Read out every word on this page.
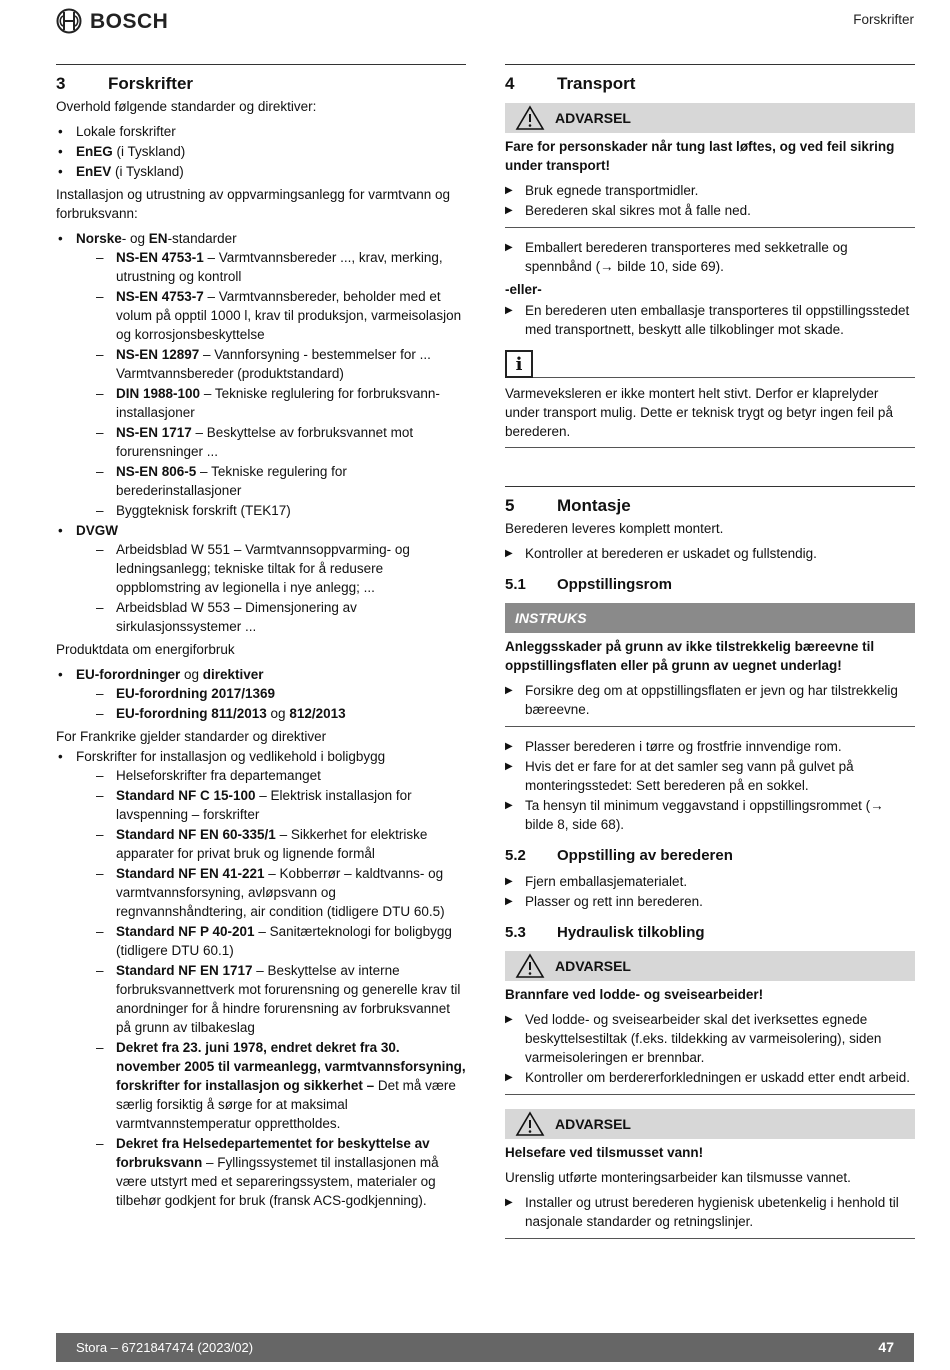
BOSCH	Forskrifter
3	Forskrifter

Overhold følgende standarder og direktiver:

• Lokale forskrifter
• EnEG (i Tyskland)
• EnEV (i Tyskland)

Installasjon og utrustning av oppvarmingsanlegg for varmtvann og forbruksvann:

• Norske- og EN-standarder
– NS-EN 4753-1 – Varmtvannsbereder ..., krav, merking, utrustning og kontroll
– NS-EN 4753-7 – Varmtvannsbereder, beholder med et volum på opptil 1000 l, krav til produksjon, varmeisolasjon og korrosjonsbeskyttelse
– NS-EN 12897 – Vannforsyning - bestemmelser for ... Varmtvannsbereder (produktstandard)
– DIN 1988-100 – Tekniske reglulering for forbruksvann-installasjoner
– NS-EN 1717 – Beskyttelse av forbruksvannet mot forurensninger ...
– NS-EN 806-5 – Tekniske regulering for berederinstallasjoner
– Byggteknisk forskrift (TEK17)
• DVGW
– Arbeidsblad W 551 – Varmtvannsoppvarming- og ledningsanlegg; tekniske tiltak for å redusere oppblomstring av legionella i nye anlegg; ...
– Arbeidsblad W 553 – Dimensjonering av sirkulasjonssystemer ...

Produktdata om energiforbruk

• EU-forordninger og direktiver
– EU-forordning 2017/1369
– EU-forordning 811/2013 og 812/2013

For Frankrike gjelder standarder og direktiver

• Forskrifter for installasjon og vedlikehold i boligbygg
– Helseforskrifter fra departemanget
– Standard NF C 15-100 – Elektrisk installasjon for lavspenning – forskrifter
– Standard NF EN 60-335/1 – Sikkerhet for elektriske apparater for privat bruk og lignende formål
– Standard NF EN 41-221 – Kobberrør – kaldtvanns- og varmtvannsforsyning, avløpsvann og regnvannshåndtering, air condition (tidligere DTU 60.5)
– Standard NF P 40-201 – Sanitærteknologi for boligbygg (tidligere DTU 60.1)
– Standard NF EN 1717 – Beskyttelse av interne forbruksvannettverk mot forurensning og generelle krav til anordninger for å hindre forurensning av forbruksvannet på grunn av tilbakeslag
– Dekret fra 23. juni 1978, endret dekret fra 30. november 2005 til varmeanlegg, varmtvannsforsyning, forskrifter for installasjon og sikkerhet – Det må være særlig forsiktig å sørge for at maksimal varmtvannstemperatur opprettholdes.
– Dekret fra Helsedepartementet for beskyttelse av forbruksvann – Fyllingssystemet til installasjonen må være utstyrt med et separeringssystem, materialer og tilbehør godkjent for bruk (fransk ACS-godkjenning).
4	Transport
ADVARSEL
Fare for personskader når tung last løftes, og ved feil sikring under transport!
▶ Bruk egnede transportmidler.
▶ Berederen skal sikres mot å falle ned.
▶ Emballert berederen transporteres med sekketralle og spennbånd (→ bilde 10, side 69).
-eller-
▶ En berederen uten emballasje transporteres til oppstillingsstedet med transportnett, beskytt alle tilkoblinger mot skade.
i
Varmeveksleren er ikke montert helt stivt. Derfor er klaprelyder under transport mulig. Dette er teknisk trygt og betyr ingen feil på berederen.
5	Montasje

Berederen leveres komplett montert.

▶ Kontroller at berederen er uskadet og fullstendig.
5.1	Oppstillingsrom
INSTRUKS
Anleggsskader på grunn av ikke tilstrekkelig bæreevne til oppstillingsflaten eller på grunn av uegnet underlag!
▶ Forsikre deg om at oppstillingsflaten er jevn og har tilstrekkelig bæreevne.
▶ Plasser berederen i tørre og frostfrie innvendige rom.
▶ Hvis det er fare for at det samler seg vann på gulvet på monteringsstedet: Sett berederen på en sokkel.
▶ Ta hensyn til minimum veggavstand i oppstillingsrommet (→ bilde 8, side 68).
5.2	Oppstilling av berederen
▶ Fjern emballasjematerialet.
▶ Plasser og rett inn berederen.
5.3	Hydraulisk tilkobling
ADVARSEL
Brannfare ved lodde- og sveisearbeider!
▶ Ved lodde- og sveisearbeider skal det iverksettes egnede beskyttelsestiltak (f.eks. tildekking av varmeisolering), siden varmeisoleringen er brennbar.
▶ Kontroller om berdererforkledningen er uskadd etter endt arbeid.
ADVARSEL
Helsefare ved tilsmusset vann!

Urenslig utførte monteringsarbeider kan tilsmusse vannet.

▶ Installer og utrust berederen hygienisk ubetenkelig i henhold til nasjonale standarder og retningslinjer.
Stora – 6721847474 (2023/02)	47
